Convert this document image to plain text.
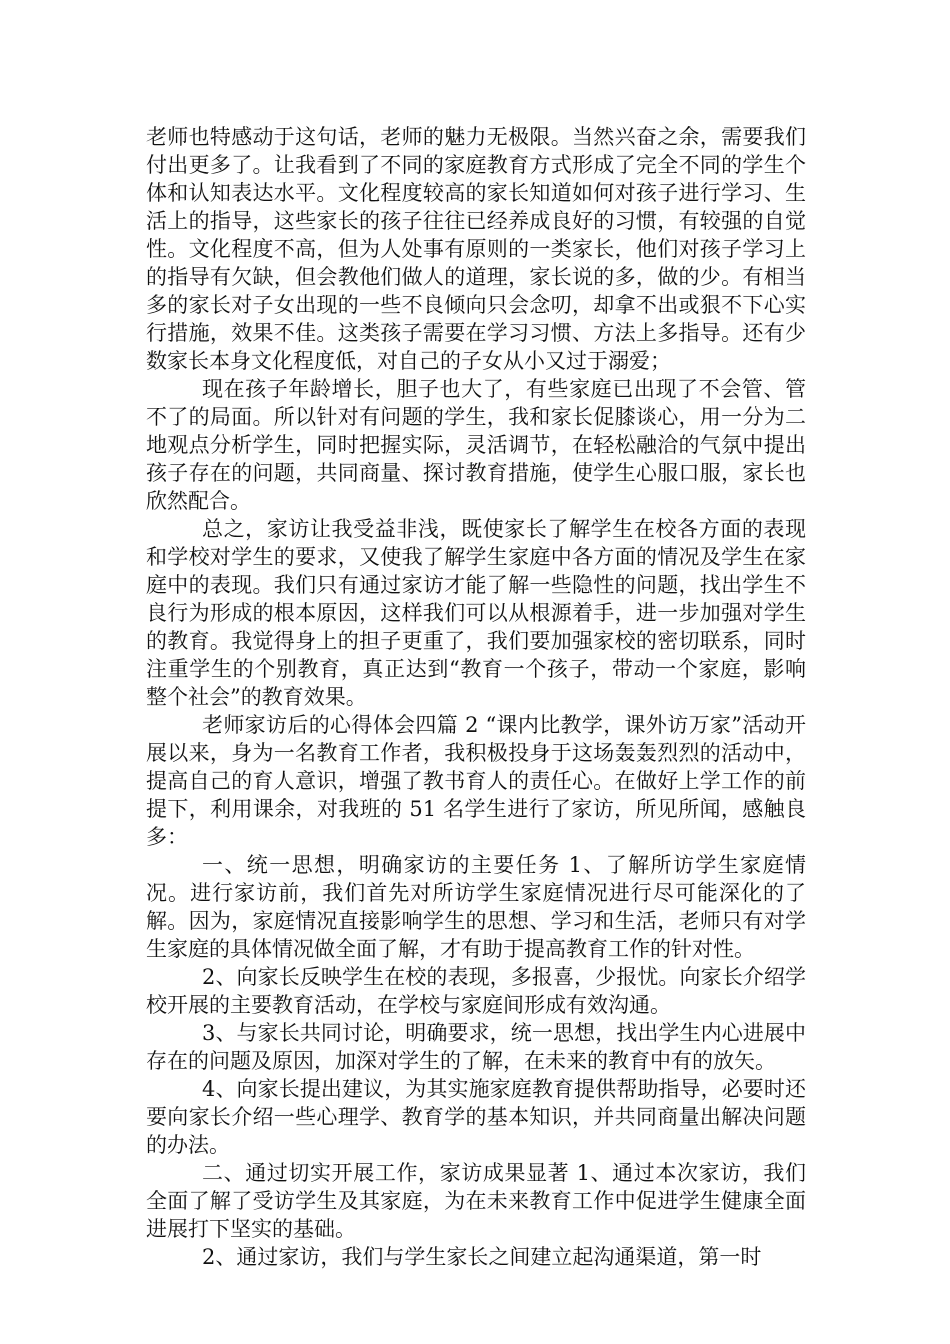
老师也特感动于这句话，老师的魅力无极限。当然兴奋之余，需要我们付出更多了。让我看到了不同的家庭教育方式形成了完全不同的学生个体和认知表达水平。文化程度较高的家长知道如何对孩子进行学习、生活上的指导，这些家长的孩子往往已经养成良好的习惯，有较强的自觉性。文化程度不高，但为人处事有原则的一类家长，他们对孩子学习上的指导有欠缺，但会教他们做人的道理，家长说的多，做的少。有相当多的家长对子女出现的一些不良倾向只会念叨，却拿不出或狠不下心实行措施，效果不佳。这类孩子需要在学习习惯、方法上多指导。还有少数家长本身文化程度低，对自己的子女从小又过于溺爱；

现在孩子年龄增长，胆子也大了，有些家庭已出现了不会管、管不了的局面。所以针对有问题的学生，我和家长促膝谈心，用一分为二地观点分析学生，同时把握实际，灵活调节，在轻松融洽的气氛中提出孩子存在的问题，共同商量、探讨教育措施，使学生心服口服，家长也欣然配合。

总之，家访让我受益非浅，既使家长了解学生在校各方面的表现和学校对学生的要求，又使我了解学生家庭中各方面的情况及学生在家庭中的表现。我们只有通过家访才能了解一些隐性的问题，找出学生不良行为形成的根本原因，这样我们可以从根源着手，进一步加强对学生的教育。我觉得身上的担子更重了，我们要加强家校的密切联系，同时注重学生的个别教育，真正达到“教育一个孩子，带动一个家庭，影响整个社会”的教育效果。

老师家访后的心得体会四篇 2 “课内比教学，课外访万家”活动开展以来，身为一名教育工作者，我积极投身于这场轰轰烈烈的活动中，提高自己的育人意识，增强了教书育人的责任心。在做好上学工作的前提下，利用课余，对我班的 51 名学生进行了家访，所见所闻，感触良多：

一、统一思想，明确家访的主要任务 1、了解所访学生家庭情况。进行家访前，我们首先对所访学生家庭情况进行尽可能深化的了解。因为，家庭情况直接影响学生的思想、学习和生活，老师只有对学生家庭的具体情况做全面了解，才有助于提高教育工作的针对性。

2、向家长反映学生在校的表现，多报喜，少报忧。向家长介绍学校开展的主要教育活动，在学校与家庭间形成有效沟通。

3、与家长共同讨论，明确要求，统一思想，找出学生内心进展中存在的问题及原因，加深对学生的了解，在未来的教育中有的放矢。

4、向家长提出建议，为其实施家庭教育提供帮助指导，必要时还要向家长介绍一些心理学、教育学的基本知识，并共同商量出解决问题的办法。

二、通过切实开展工作，家访成果显著 1、通过本次家访，我们全面了解了受访学生及其家庭，为在未来教育工作中促进学生健康全面进展打下坚实的基础。

2、通过家访，我们与学生家长之间建立起沟通渠道，第一时
